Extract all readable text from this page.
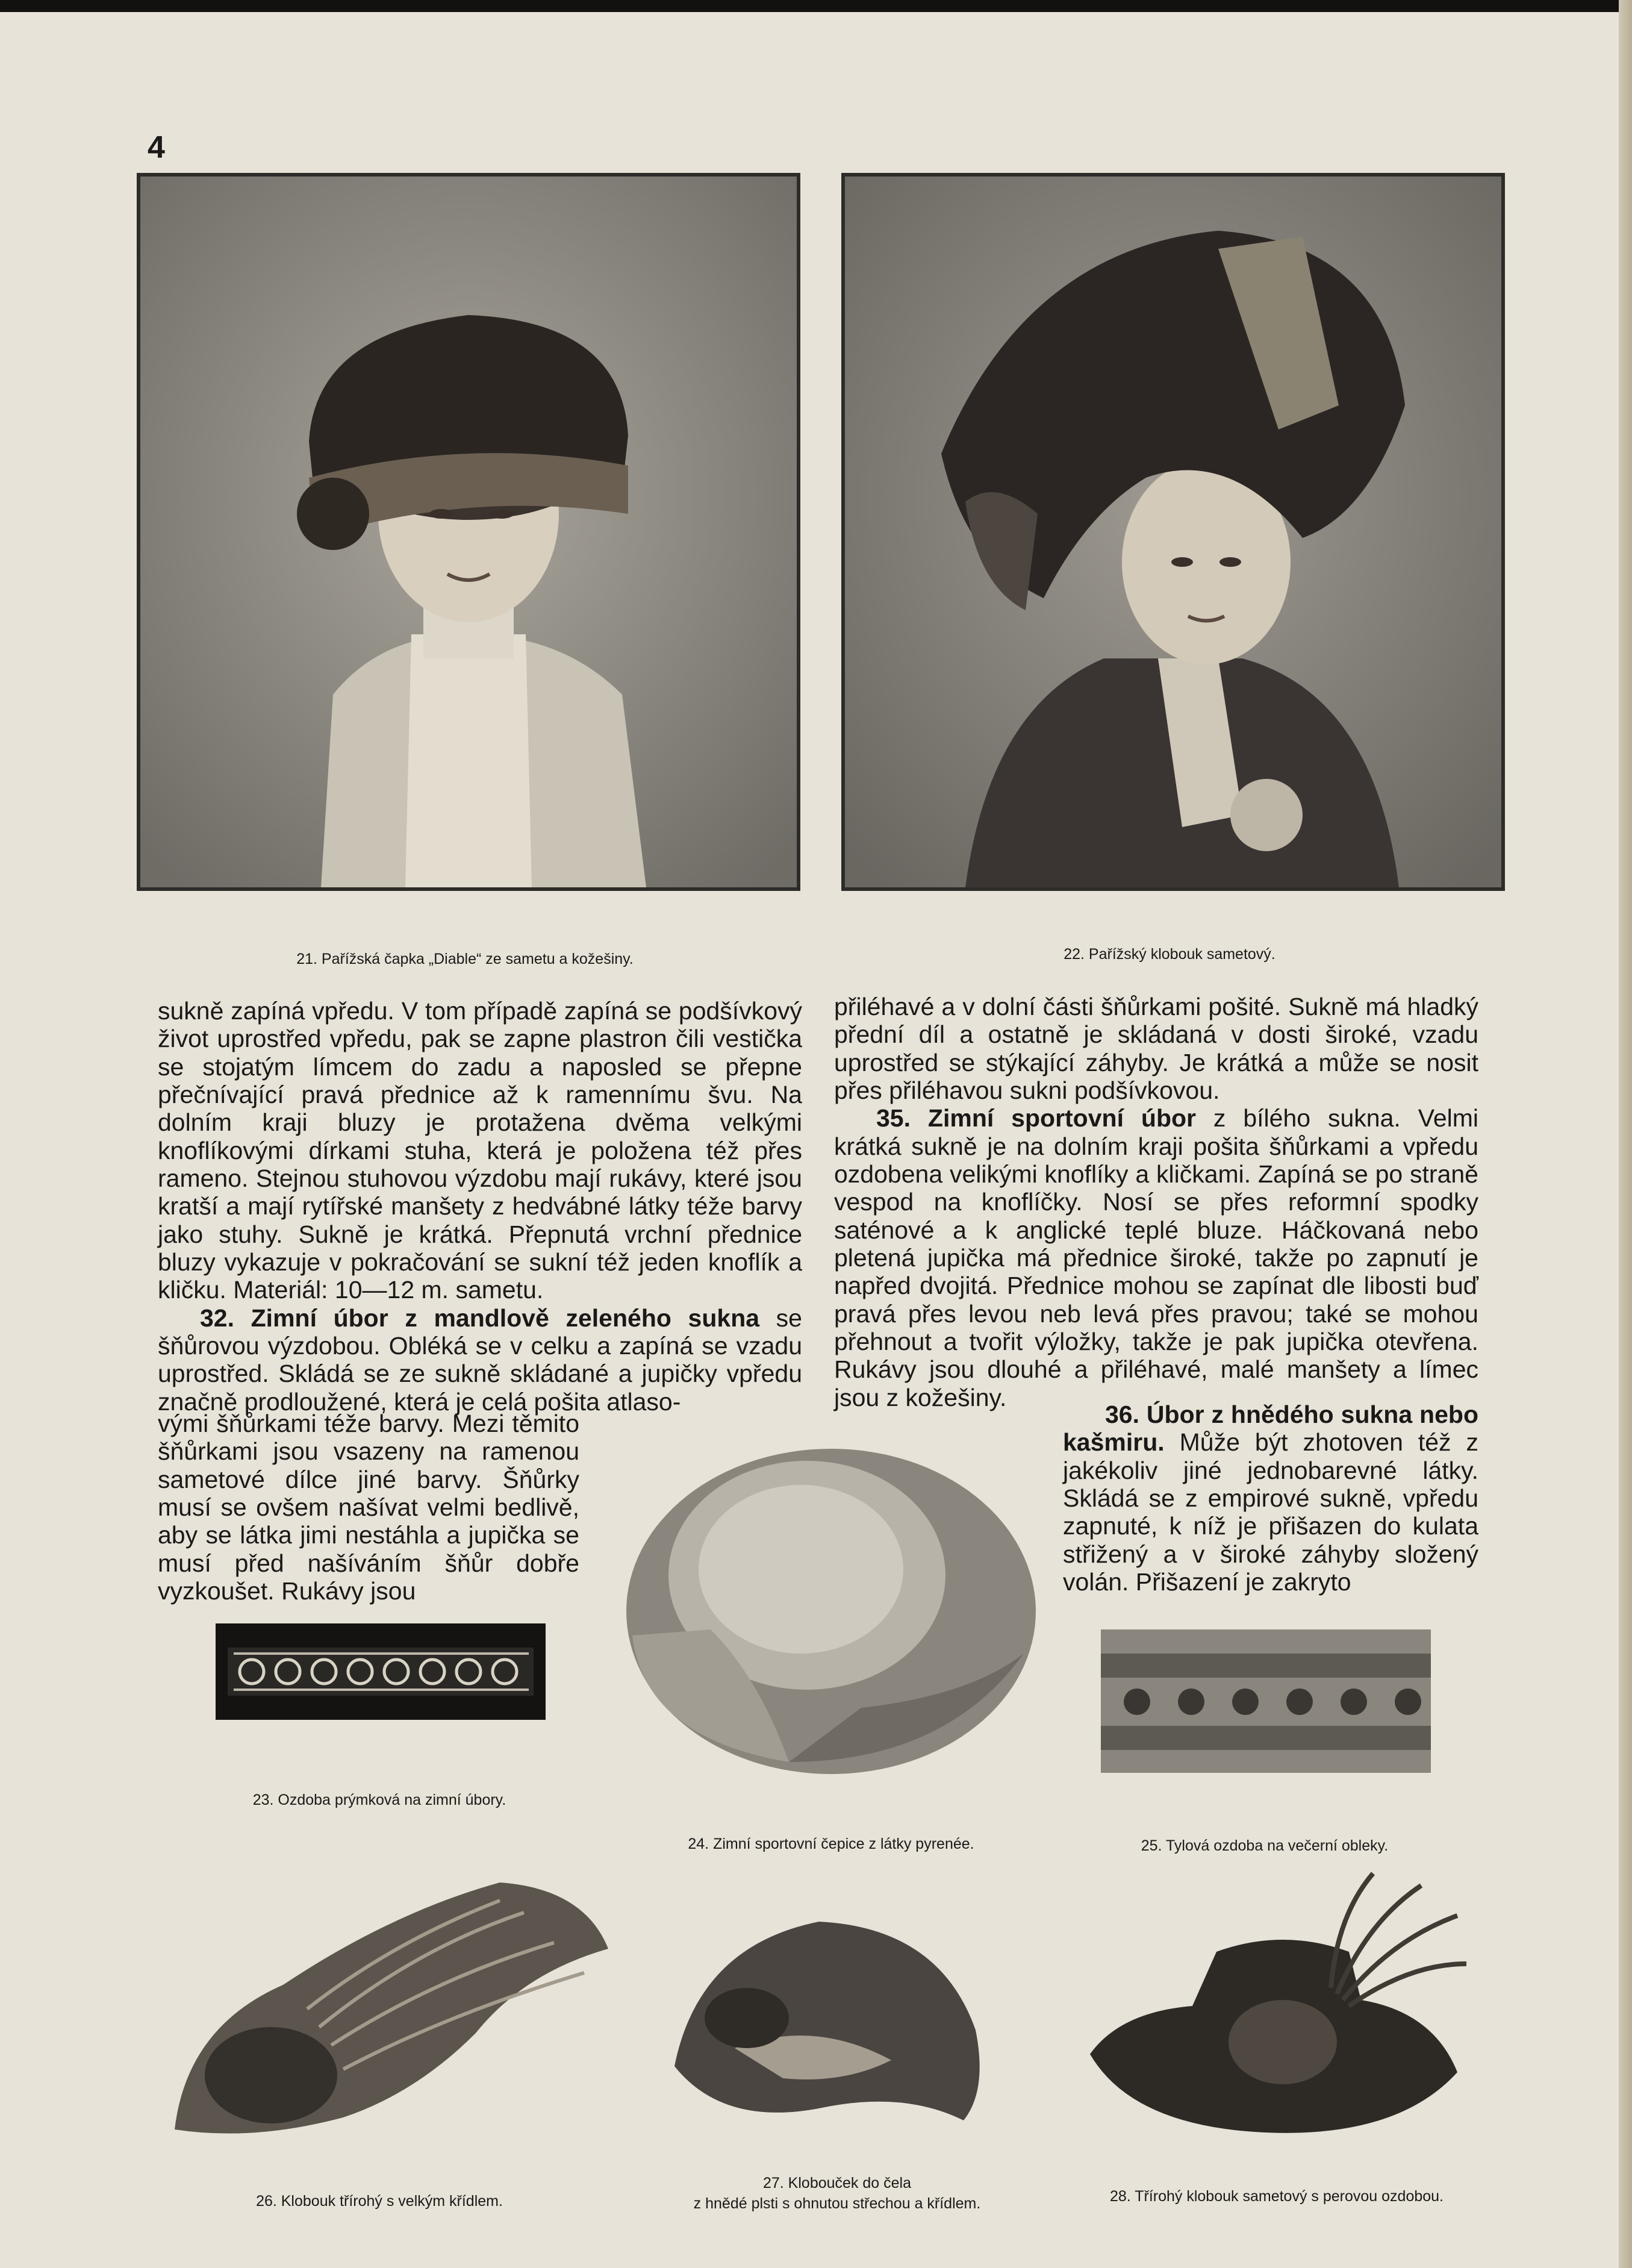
4
21. Pařížská čapka „Diable“ ze sametu a kožešiny.	22. Pařížský klobouk sametový.

sukně zapíná vpředu. V tom případě zapíná se podšívkový život uprostřed vpředu, pak se zapne plastron čili vestička se stojatým límcem do zadu a naposled se přepne přečnívající pravá přednice až k ramennímu švu. Na dolním kraji bluzy je protažena dvěma velkými knoflíkovými dírkami stuha, která je položena též přes rameno. Stejnou stuhovou výzdobu mají rukávy, které jsou kratší a mají rytířské manšety z hedvábné látky téže barvy jako stuhy. Sukně je krátká. Přepnutá vrchní přednice bluzy vykazuje v pokračování se sukní též jeden knoflík a kličku. Materiál: 10—12 m. sametu.

32. Zimní úbor z mandlově zeleného sukna se šňůrovou výzdobou. Obléká se v celku a zapíná se vzadu uprostřed. Skládá se ze sukně skládané a jupičky vpředu značně prodloužené, která je celá pošita atlaso-

vými šňůrkami téže barvy. Mezi těmito šňůrkami jsou vsazeny na ramenou sametové dílce jiné barvy. Šňůrky musí se ovšem našívat velmi bedlivě, aby se látka jimi nestáhla a jupička se musí před našíváním šňůr dobře vyzkoušet. Rukávy jsou

přiléhavé a v dolní části šňůrkami pošité. Sukně má hladký přední díl a ostatně je skládaná v dosti široké, vzadu uprostřed se stýkající záhyby. Je krátká a může se nosit přes přiléhavou sukni podšívkovou.

35. Zimní sportovní úbor z bílého sukna. Velmi krátká sukně je na dolním kraji pošita šňůrkami a vpředu ozdobena velikými knoflíky a kličkami. Zapíná se po straně vespod na knoflíčky. Nosí se přes reformní spodky saténové a k anglické teplé bluze. Háčkovaná nebo pletená jupička má přednice široké, takže po zapnutí je napřed dvojitá. Přednice mohou se zapínat dle libosti buď pravá přes levou neb levá přes pravou; také se mohou přehnout a tvořit výložky, takže je pak jupička otevřena. Rukávy jsou dlouhé a přiléhavé, malé manšety a límec jsou z kožešiny.

36. Úbor z hnědého sukna nebo kašmiru. Může být zhotoven též z jakékoliv jiné jednobarevné látky. Skládá se z empirové sukně, vpředu zapnuté, k níž je přišazen do kulata střižený a v široké záhyby složený volán. Přišazení je zakryto

23. Ozdoba prýmková na zimní úbory.
24. Zimní sportovní čepice z látky pyrenée.	25. Tylová ozdoba na večerní obleky.
26. Klobouk třírohý s velkým křídlem.
27. Klobouček do čela
z hnědé plsti s ohnutou střechou a křídlem.	28. Třírohý klobouk sametový s perovou ozdobou.
